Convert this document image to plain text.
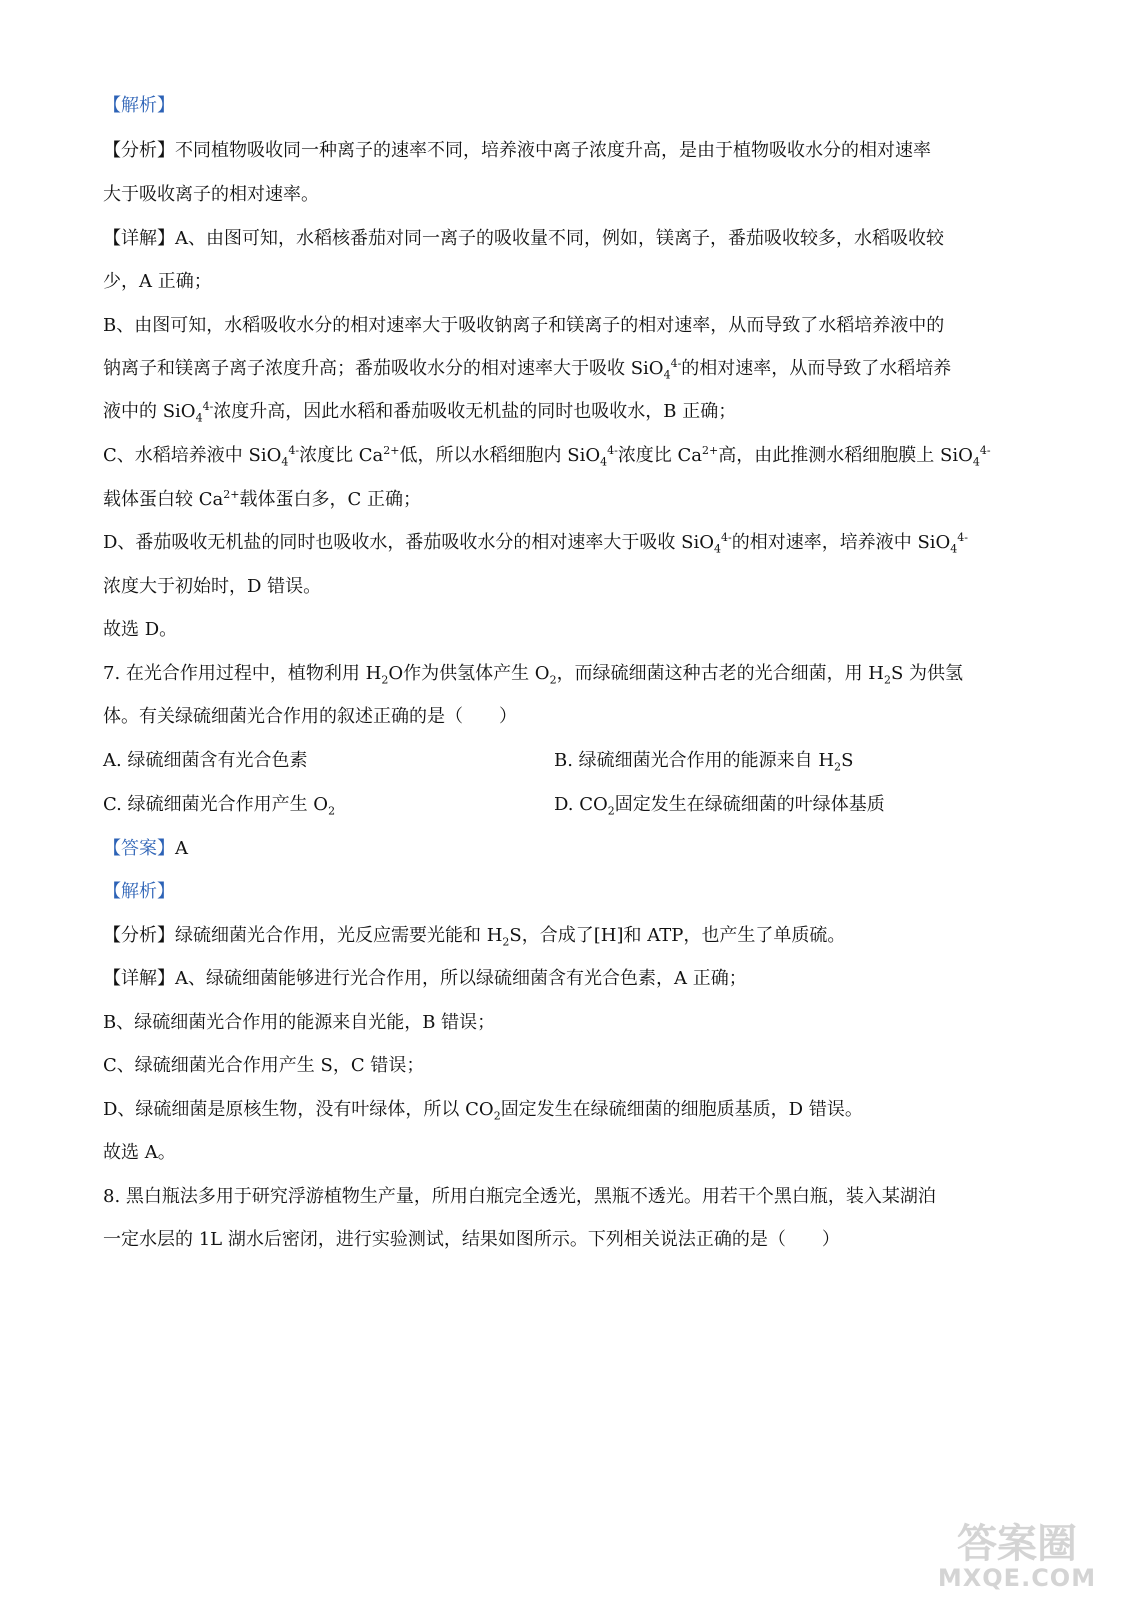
【解析】
【分析】不同植物吸收同一种离子的速率不同，培养液中离子浓度升高，是由于植物吸收水分的相对速率
大于吸收离子的相对速率。
【详解】A、由图可知，水稻核番茄对同一离子的吸收量不同，例如，镁离子，番茄吸收较多，水稻吸收较
少，A 正确；
B、由图可知，水稻吸收水分的相对速率大于吸收钠离子和镁离子的相对速率，从而导致了水稻培养液中的
钠离子和镁离子离子浓度升高；番茄吸收水分的相对速率大于吸收 SiO$_4^{4-}$的相对速率，从而导致了水稻培养
液中的 SiO$_4^{4-}$浓度升高，因此水稻和番茄吸收无机盐的同时也吸收水，B 正确；
C、水稻培养液中 SiO$_4^{4-}$浓度比 $Ca^{2+}$低，所以水稻细胞内 SiO$_4^{4-}$浓度比 $Ca^{2+}$高，由此推测水稻细胞膜上 SiO$_4^{4-}$
载体蛋白较 $Ca^{2+}$载体蛋白多，C 正确；
D、番茄吸收无机盐的同时也吸收水，番茄吸收水分的相对速率大于吸收 SiO$_4^{4-}$的相对速率，培养液中 SiO$_4^{4-}$
浓度大于初始时，D 错误。
故选 D。
7. 在光合作用过程中，植物利用 $H_2O$作为供氢体产生 $O_2$，而绿硫细菌这种古老的光合细菌，用 $H_2S$ 为供氢
体。有关绿硫细菌光合作用的叙述正确的是（　　）
A. 绿硫细菌含有光合色素	B. 绿硫细菌光合作用的能源来自 $H_2S$
C. 绿硫细菌光合作用产生 $O_2$	D. $CO_2$固定发生在绿硫细菌的叶绿体基质
【答案】A
【解析】
【分析】绿硫细菌光合作用，光反应需要光能和 $H_2S$，合成了[H]和 ATP，也产生了单质硫。
【详解】A、绿硫细菌能够进行光合作用，所以绿硫细菌含有光合色素，A 正确；
B、绿硫细菌光合作用的能源来自光能，B 错误；
C、绿硫细菌光合作用产生 S，C 错误；
D、绿硫细菌是原核生物，没有叶绿体，所以 $CO_2$固定发生在绿硫细菌的细胞质基质，D 错误。
故选 A。
8. 黑白瓶法多用于研究浮游植物生产量，所用白瓶完全透光，黑瓶不透光。用若干个黑白瓶，装入某湖泊
一定水层的 1L 湖水后密闭，进行实验测试，结果如图所示。下列相关说法正确的是（　　）
答案圈
MXQE.COM
